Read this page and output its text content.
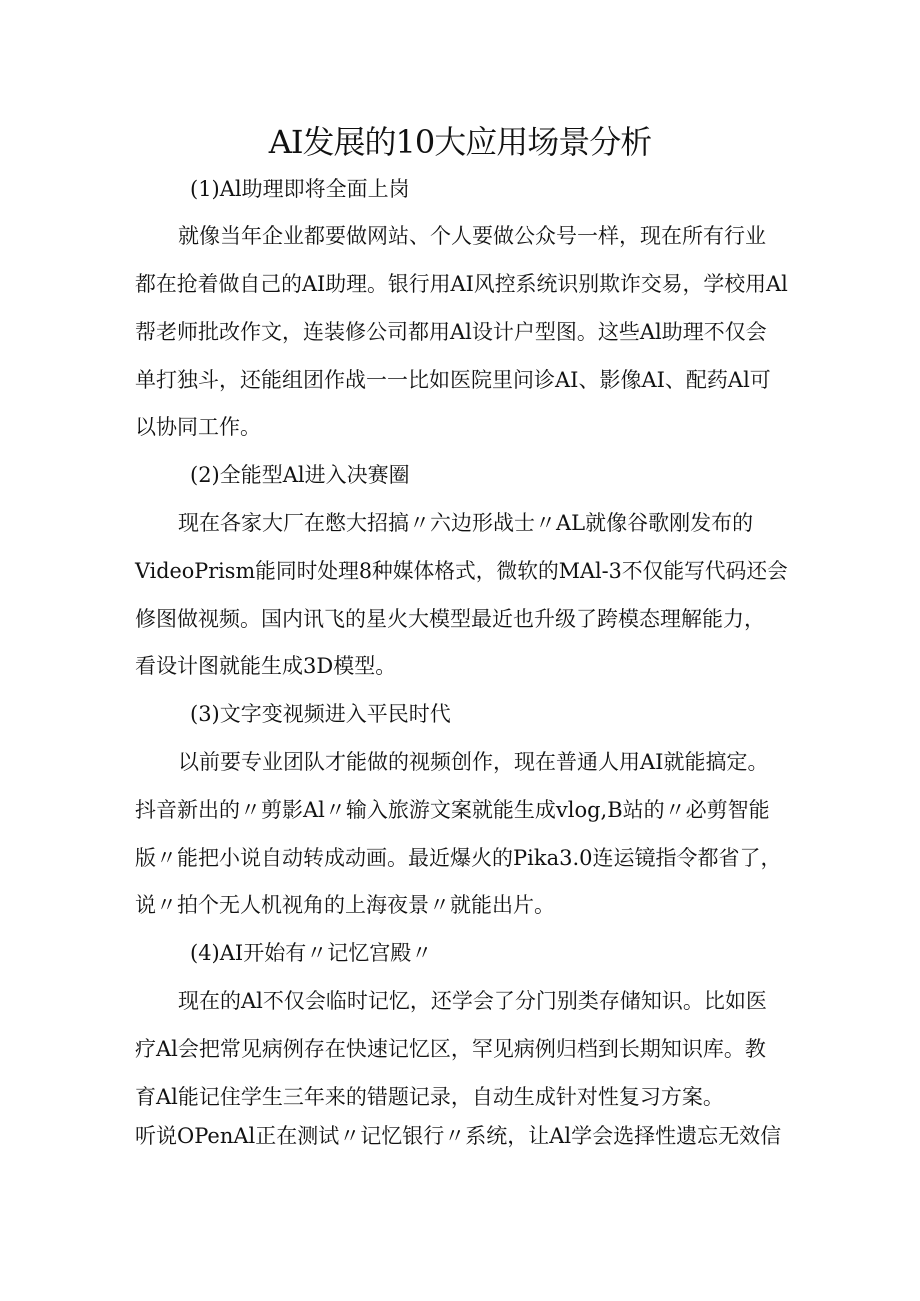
AI发展的10大应用场景分析
(1)Al助理即将全面上岗
就像当年企业都要做网站、个人要做公众号一样，现在所有行业
都在抢着做自己的AI助理。银行用AI风控系统识别欺诈交易，学校用Al
帮老师批改作文，连装修公司都用Al设计户型图。这些Al助理不仅会
单打独斗，还能组团作战一一比如医院里问诊AI、影像AI、配药Al可
以协同工作。
(2)全能型Al进入决赛圈
现在各家大厂在憋大招搞〃六边形战士〃AL就像谷歌刚发布的
VideoPrism能同时处理8种媒体格式，微软的MAl-3不仅能写代码还会
修图做视频。国内讯飞的星火大模型最近也升级了跨模态理解能力，
看设计图就能生成3D模型。
(3)文字变视频进入平民时代
以前要专业团队才能做的视频创作，现在普通人用AI就能搞定。
抖音新出的〃剪影Al〃输入旅游文案就能生成vlog,B站的〃必剪智能
版〃能把小说自动转成动画。最近爆火的Pika3.0连运镜指令都省了，
说〃拍个无人机视角的上海夜景〃就能出片。
(4)AI开始有〃记忆宫殿〃
现在的Al不仅会临时记忆，还学会了分门别类存储知识。比如医
疗Al会把常见病例存在快速记忆区，罕见病例归档到长期知识库。教
育Al能记住学生三年来的错题记录，自动生成针对性复习方案。
听说OPenAl正在测试〃记忆银行〃系统，让Al学会选择性遗忘无效信
